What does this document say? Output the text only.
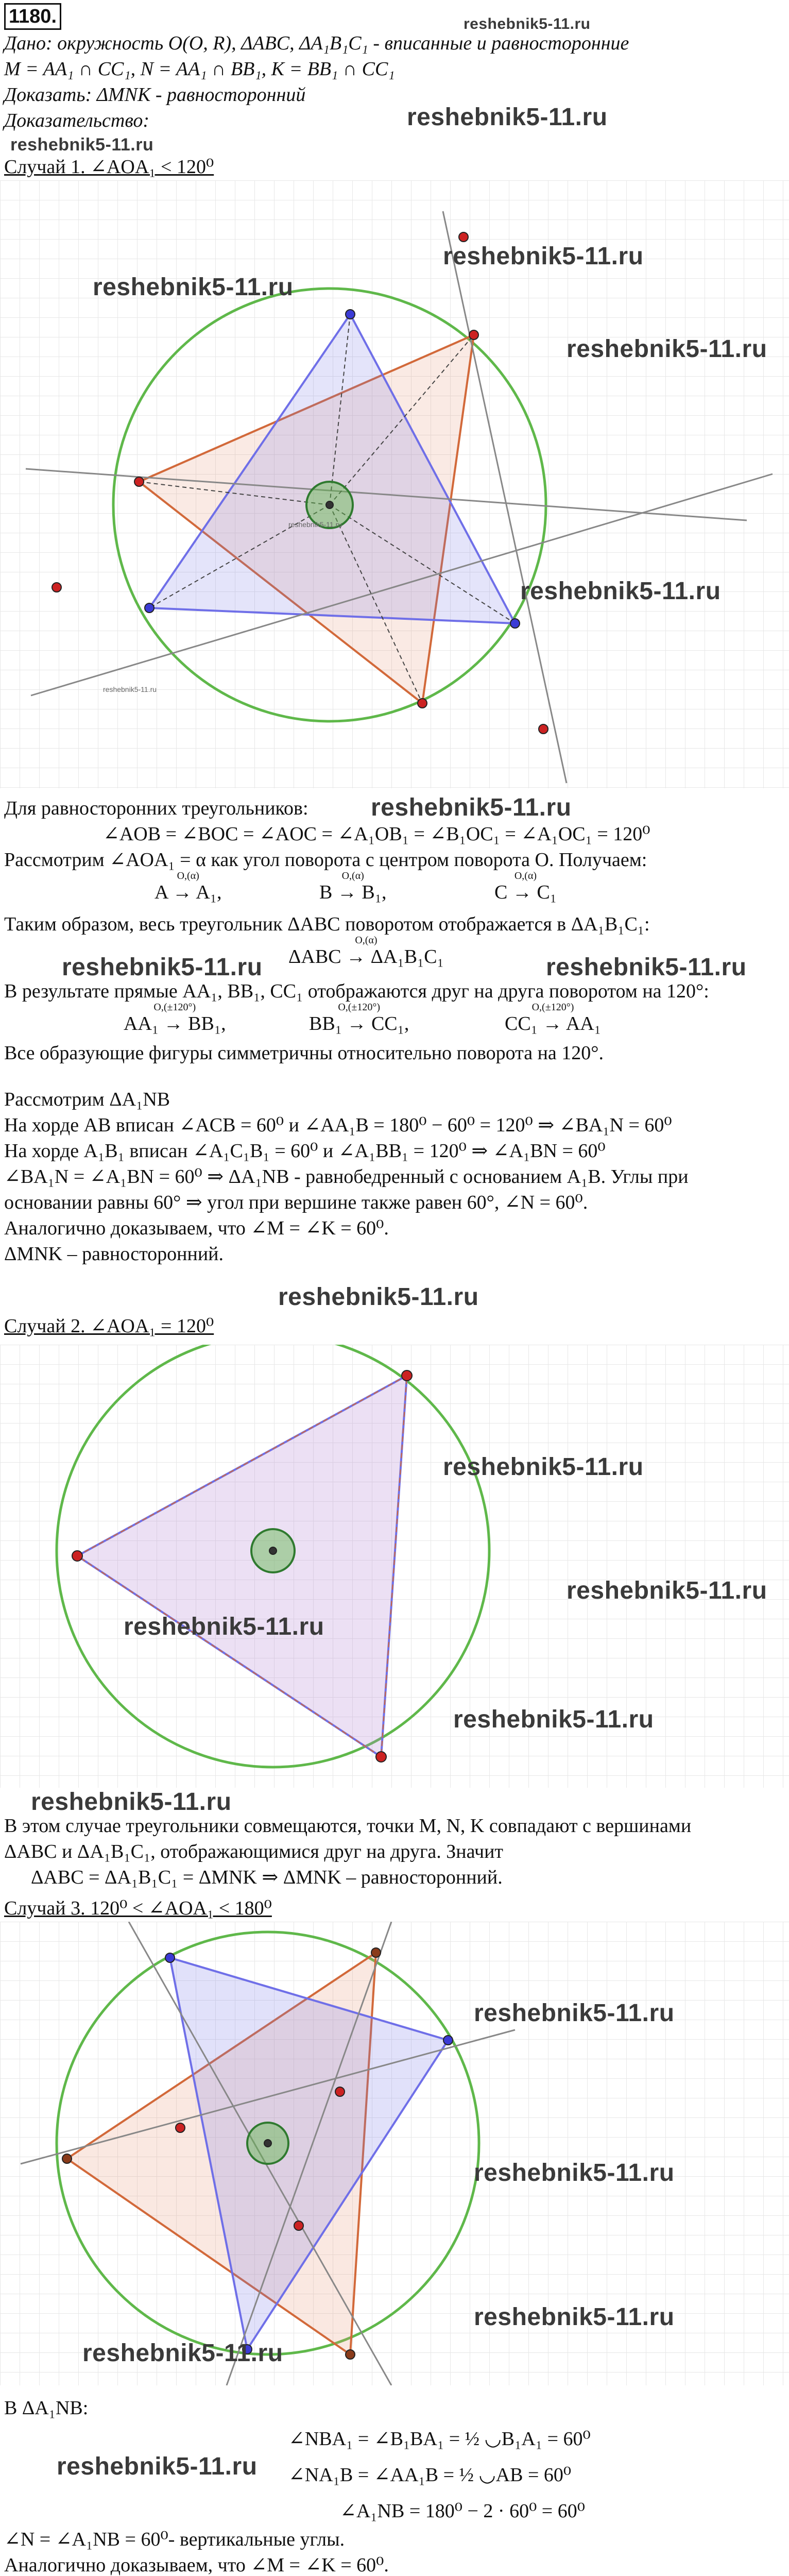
1180.
Дано: окружность O(O, R), ΔABC, ΔA₁B₁C₁ - вписанные и равносторонние
M = AA₁ ∩ CC₁, N = AA₁ ∩ BB₁, K = BB₁ ∩ CC₁
Доказать: ΔMNK - равносторонний
Доказательство:
reshebnik5-11.ru
reshebnik5-11.ru
reshebnik5-11.ru
Случай 1. ∠AOA₁ < 120⁰
reshebnik5-11.ru
reshebnik5-11.ru
reshebnik5-11.ru
reshebnik5-11.ru
reshebnik5-11.ru
reshebnik5-11.ru
Для равносторонних треугольников:	reshebnik5-11.ru
∠AOB = ∠BOC = ∠AOC = ∠A₁OB₁ = ∠B₁OC₁ = ∠A₁OC₁ = 120⁰
Рассмотрим ∠AOA₁ = α как угол поворота с центром поворота O. Получаем:
O,(α)
A → A₁,
O,(α)
B → B₁,
O,(α)
C → C₁
Таким образом, весь треугольник ΔABC поворотом отображается в ΔA₁B₁C₁:
O,(α)
ΔABC → ΔA₁B₁C₁
reshebnik5-11.ru	reshebnik5-11.ru
В результате прямые AA₁, BB₁, CC₁ отображаются друг на друга поворотом на 120°:
O,(±120°)
AA₁ → BB₁,
O,(±120°)
BB₁ → CC₁,
O,(±120°)
CC₁ → AA₁
Все образующие фигуры симметричны относительно поворота на 120°.
Рассмотрим ΔA₁NB
На хорде AB вписан ∠ACB = 60⁰ и ∠AA₁B = 180⁰ − 60⁰ = 120⁰ ⇒ ∠BA₁N = 60⁰
На хорде A₁B₁ вписан ∠A₁C₁B₁ = 60⁰ и ∠A₁BB₁ = 120⁰ ⇒ ∠A₁BN = 60⁰
∠BA₁N = ∠A₁BN = 60⁰ ⇒ ΔA₁NB - равнобедренный с основанием A₁B. Углы при
основании равны 60° ⇒ угол при вершине также равен 60°, ∠N = 60⁰.
Аналогично доказываем, что ∠M = ∠K = 60⁰.
ΔMNK – равносторонний.
reshebnik5-11.ru
Случай 2. ∠AOA₁ = 120⁰
reshebnik5-11.ru
reshebnik5-11.ru
reshebnik5-11.ru
reshebnik5-11.ru
reshebnik5-11.ru
В этом случае треугольники совмещаются, точки M, N, K совпадают с вершинами
ΔABC и ΔA₁B₁C₁, отображающимися друг на друга. Значит
ΔABC = ΔA₁B₁C₁ = ΔMNK ⇒ ΔMNK – равносторонний.
Случай 3. 120⁰ < ∠AOA₁ < 180⁰
reshebnik5-11.ru
reshebnik5-11.ru
reshebnik5-11.ru
reshebnik5-11.ru
В ΔA₁NB:
∠NBA₁ = ∠B₁BA₁ = ½ ◡B₁A₁ = 60⁰
reshebnik5-11.ru ∠NA₁B = ∠AA₁B = ½ ◡AB = 60⁰
∠A₁NB = 180⁰ − 2 · 60⁰ = 60⁰
∠N = ∠A₁NB = 60⁰- вертикальные углы.
Аналогично доказываем, что ∠M = ∠K = 60⁰.
